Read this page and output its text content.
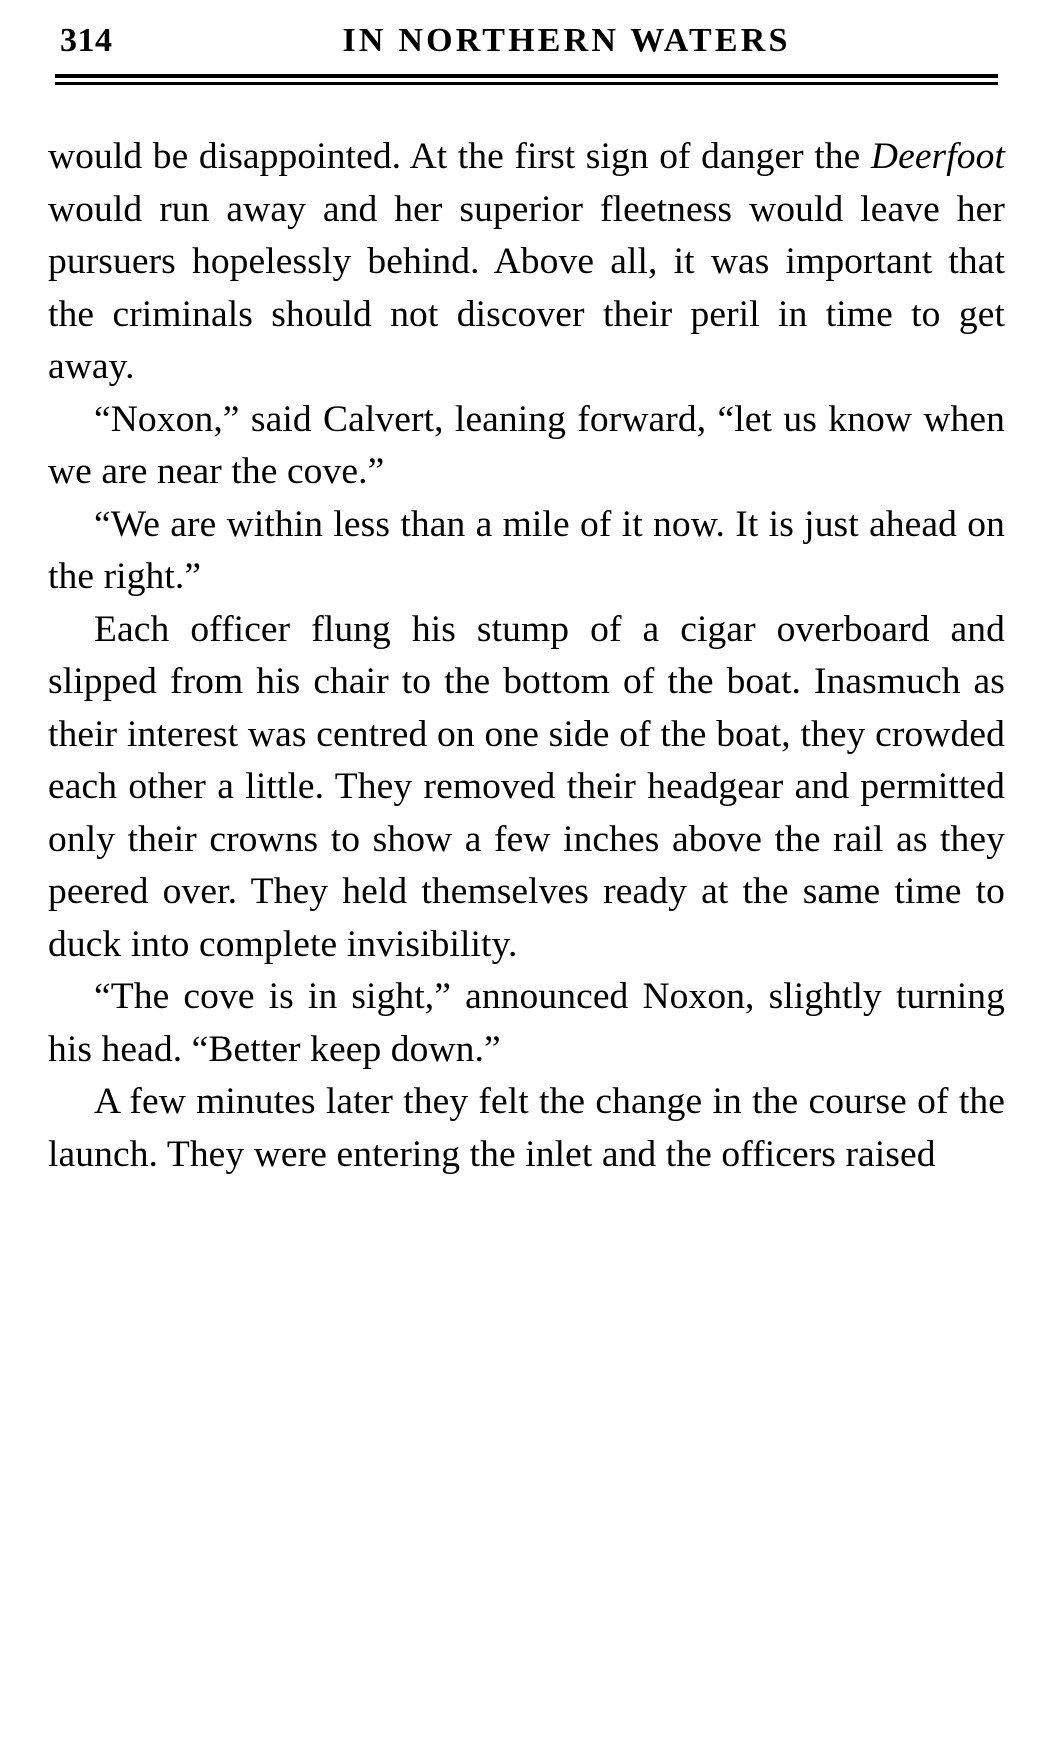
314	IN NORTHERN WATERS
would be disappointed. At the first sign of danger the Deerfoot would run away and her superior fleetness would leave her pursuers hopelessly behind. Above all, it was important that the criminals should not discover their peril in time to get away.
“Noxon,” said Calvert, leaning forward, “let us know when we are near the cove.”
“We are within less than a mile of it now. It is just ahead on the right.”
Each officer flung his stump of a cigar overboard and slipped from his chair to the bottom of the boat. Inasmuch as their interest was centred on one side of the boat, they crowded each other a little. They removed their headgear and permitted only their crowns to show a few inches above the rail as they peered over. They held themselves ready at the same time to duck into complete invisibility.
“The cove is in sight,” announced Noxon, slightly turning his head. “Better keep down.”
A few minutes later they felt the change in the course of the launch. They were entering the inlet and the officers raised
